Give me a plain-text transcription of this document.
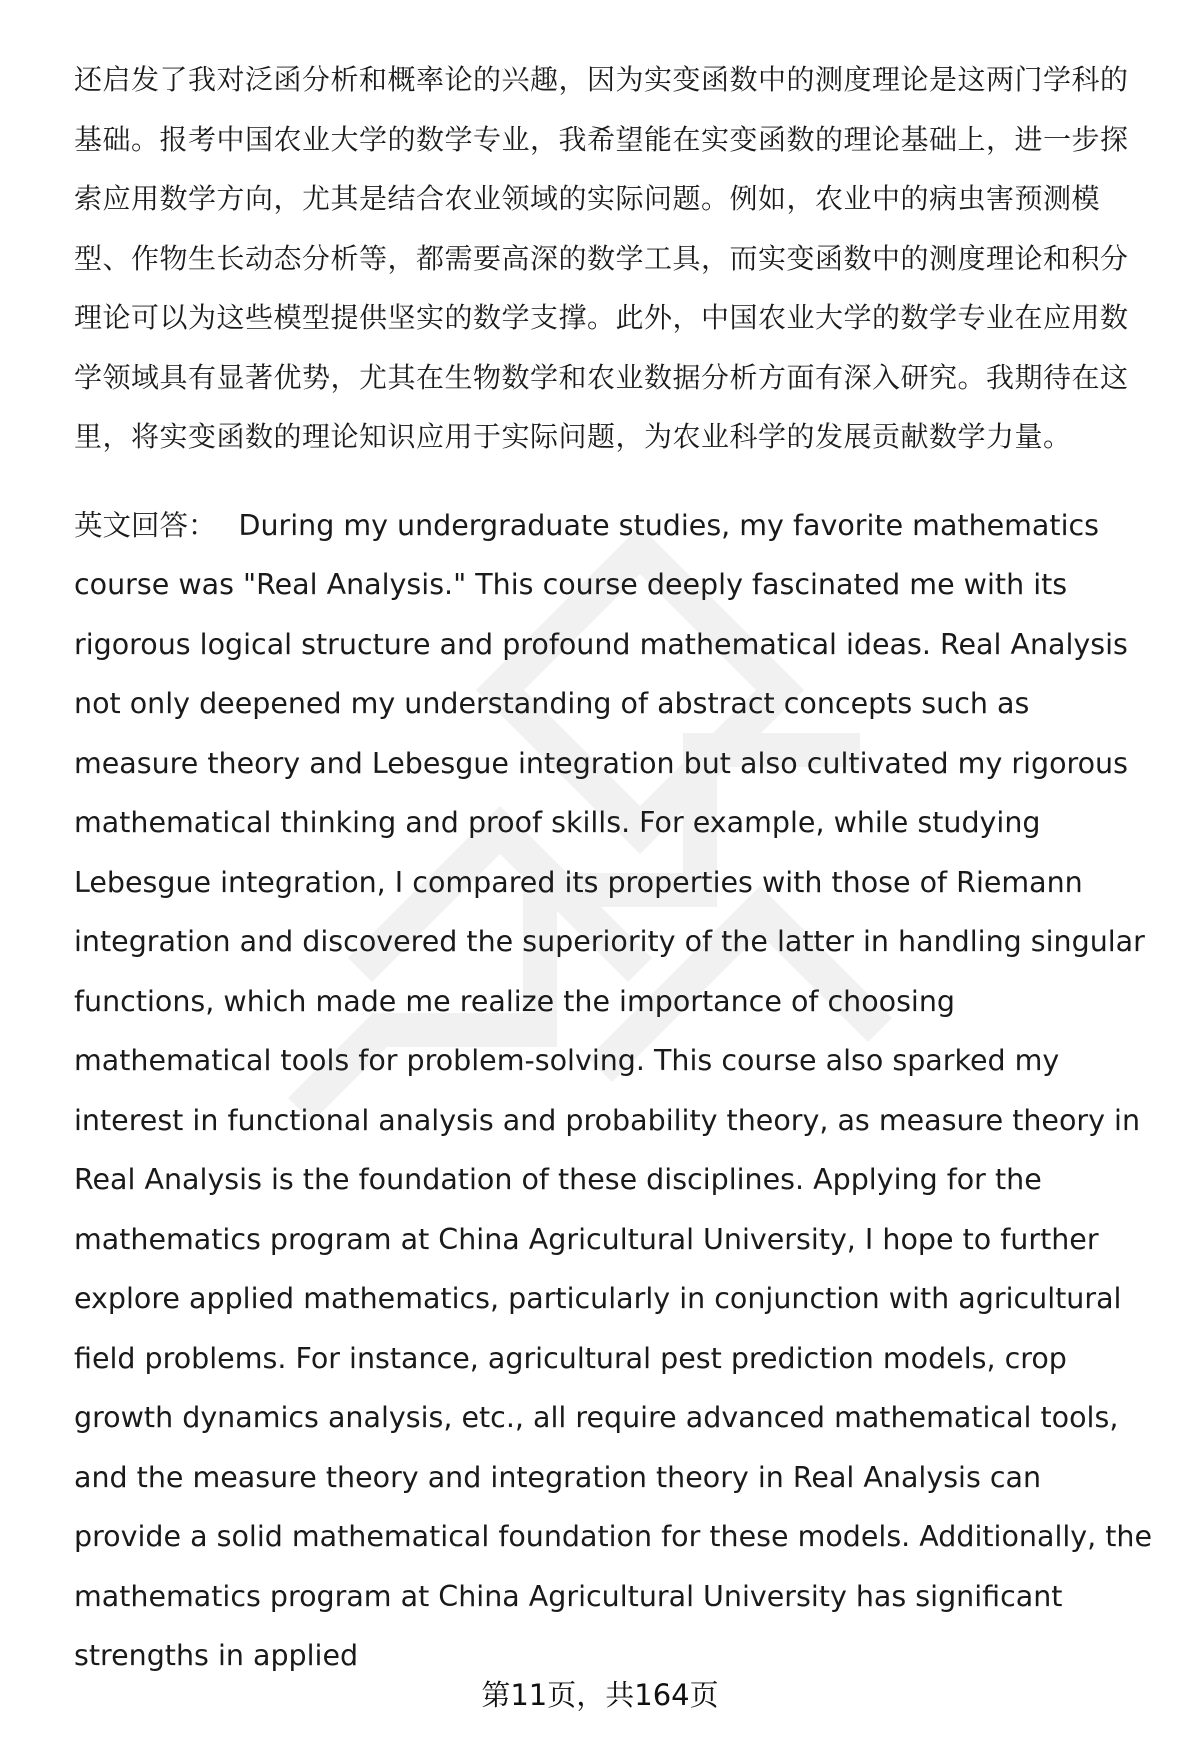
还启发了我对泛函分析和概率论的兴趣，因为实变函数中的测度理论是这两门学科的基础。报考中国农业大学的数学专业，我希望能在实变函数的理论基础上，进一步探索应用数学方向，尤其是结合农业领域的实际问题。例如，农业中的病虫害预测模型、作物生长动态分析等，都需要高深的数学工具，而实变函数中的测度理论和积分理论可以为这些模型提供坚实的数学支撑。此外，中国农业大学的数学专业在应用数学领域具有显著优势，尤其在生物数学和农业数据分析方面有深入研究。我期待在这里，将实变函数的理论知识应用于实际问题，为农业科学的发展贡献数学力量。

英文回答： During my undergraduate studies, my favorite mathematics course was "Real Analysis." This course deeply fascinated me with its rigorous logical structure and profound mathematical ideas. Real Analysis not only deepened my understanding of abstract concepts such as measure theory and Lebesgue integration but also cultivated my rigorous mathematical thinking and proof skills. For example, while studying Lebesgue integration, I compared its properties with those of Riemann integration and discovered the superiority of the latter in handling singular functions, which made me realize the importance of choosing mathematical tools for problem-solving. This course also sparked my interest in functional analysis and probability theory, as measure theory in Real Analysis is the foundation of these disciplines. Applying for the mathematics program at China Agricultural University, I hope to further explore applied mathematics, particularly in conjunction with agricultural field problems. For instance, agricultural pest prediction models, crop growth dynamics analysis, etc., all require advanced mathematical tools, and the measure theory and integration theory in Real Analysis can provide a solid mathematical foundation for these models. Additionally, the mathematics program at China Agricultural University has significant strengths in applied

第11页，共164页
